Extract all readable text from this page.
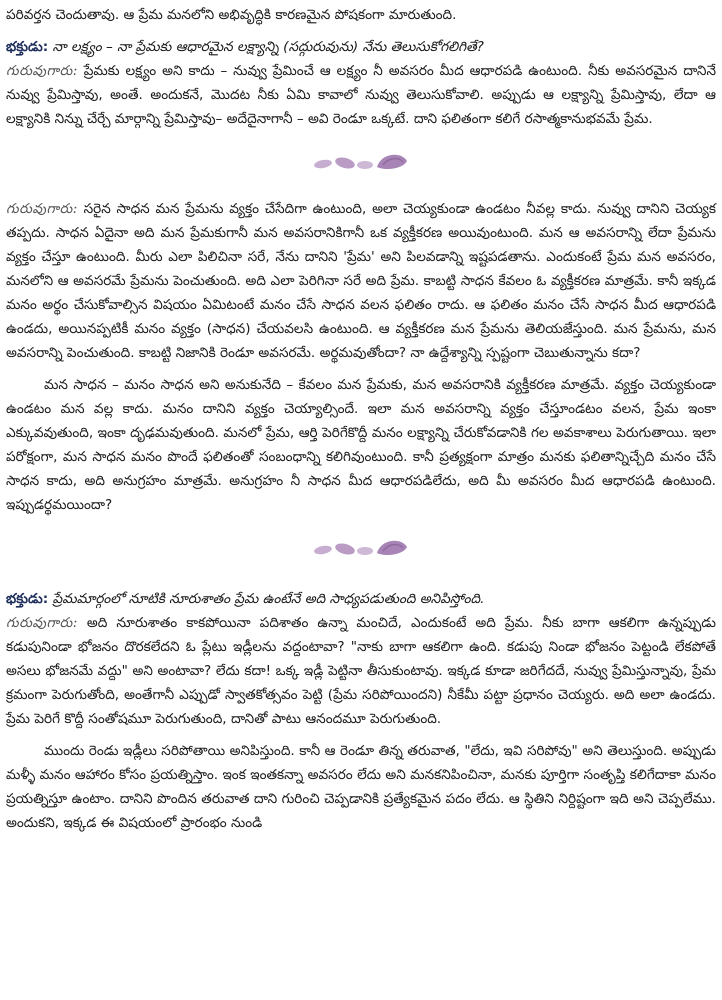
పరివర్తన చెందుతావు. ఆ ప్రేమ మనలోని అభివృద్ధికి కారణమైన పోషకంగా మారుతుంది.

భక్తుడు: నా లక్ష్యం – నా ప్రేమకు ఆధారమైన లక్ష్యాన్ని (సద్గురువును) నేను తెలుసుకోగలిగితే?

గురువుగారు: ప్రేమకు లక్ష్యం అని కాదు – నువ్వు ప్రేమించే ఆ లక్ష్యం నీ అవసరం మీద ఆధారపడి ఉంటుంది. నీకు అవసరమైన దానినే నువ్వు ప్రేమిస్తావు, అంతే. అందుకనే, మొదట నీకు ఏమి కావాలో నువ్వు తెలుసుకోవాలి. అప్పుడు ఆ లక్ష్యాన్ని ప్రేమిస్తావు, లేదా ఆ లక్ష్యానికి నిన్ను చేర్చే మార్గాన్ని ప్రేమిస్తావు– అదేదైనాగానీ – అవి రెండూ ఒక్కటే. దాని ఫలితంగా కలిగే రసాత్మకానుభవమే ప్రేమ.

గురువుగారు: సరైన సాధన మన ప్రేమను వ్యక్తం చేసేదిగా ఉంటుంది, అలా చెయ్యకుండా ఉండటం నీవల్ల కాదు. నువ్వు దానిని చెయ్యక తప్పదు. సాధన ఏదైనా అది మన ప్రేమకుగానీ మన అవసరానికిగానీ ఒక వ్యక్తీకరణ అయివుంటుంది. మన ఆ అవసరాన్ని లేదా ప్రేమను వ్యక్తం చేస్తూ ఉంటుంది. మీరు ఎలా పిలిచినా సరే, నేను దానిని 'ప్రేమ' అని పిలవడాన్ని ఇష్టపడతాను. ఎందుకంటే ప్రేమ మన అవసరం, మనలోని ఆ అవసరమే ప్రేమను పెంచుతుంది. అది ఎలా పెరిగినా సరే అది ప్రేమ. కాబట్టి సాధన కేవలం ఓ వ్యక్తీకరణ మాత్రమే. కానీ ఇక్కడ మనం అర్థం చేసుకోవాల్సిన విషయం ఏమిటంటే మనం చేసే సాధన వలన ఫలితం రాదు. ఆ ఫలితం మనం చేసే సాధన మీద ఆధారపడి ఉండదు, అయినప్పటికీ మనం వ్యక్తం (సాధన) చేయవలసి ఉంటుంది. ఆ వ్యక్తీకరణ మన ప్రేమను తెలియజేస్తుంది. మన ప్రేమను, మన అవసరాన్ని పెంచుతుంది. కాబట్టి నిజానికి రెండూ అవసరమే. అర్థమవుతోందా? నా ఉద్దేశ్యాన్ని స్పష్టంగా చెబుతున్నాను కదా?

మన సాధన – మనం సాధన అని అనుకునేది – కేవలం మన ప్రేమకు, మన అవసరానికి వ్యక్తీకరణ మాత్రమే. వ్యక్తం చెయ్యకుండా ఉండటం మన వల్ల కాదు. మనం దానిని వ్యక్తం చెయ్యాల్సిందే. ఇలా మన అవసరాన్ని వ్యక్తం చేస్తూండటం వలన, ప్రేమ ఇంకా ఎక్కువవుతుంది, ఇంకా దృఢమవుతుంది. మనలో ప్రేమ, ఆర్తి పెరిగేకొద్దీ మనం లక్ష్యాన్ని చేరుకోవడానికి గల అవకాశాలు పెరుగుతాయి. ఇలా పరోక్షంగా, మన సాధన మనం పొందే ఫలితంతో సంబంధాన్ని కలిగివుంటుంది. కానీ ప్రత్యక్షంగా మాత్రం మనకు ఫలితాన్నిచ్చేది మనం చేసే సాధన కాదు, అది అనుగ్రహం మాత్రమే. అనుగ్రహం నీ సాధన మీద ఆధారపడిలేదు, అది మీ అవసరం మీద ఆధారపడి ఉంటుంది. ఇప్పుడర్థమయిందా?

భక్తుడు: ప్రేమమార్గంలో నూటికి నూరుశాతం ప్రేమ ఉంటేనే అది సాధ్యపడుతుంది అనిపిస్తోంది.

గురువుగారు: అది నూరుశాతం కాకపోయినా పదిశాతం ఉన్నా మంచిదే, ఎందుకంటే అది ప్రేమ. నీకు బాగా ఆకలిగా ఉన్నప్పుడు కడుపునిండా భోజనం దొరకలేదని ఓ ప్లేటు ఇడ్లీలను వద్దంటావా? "నాకు బాగా ఆకలిగా ఉంది. కడుపు నిండా భోజనం పెట్టండి లేకపోతే అసలు భోజనమే వద్దు" అని అంటావా? లేదు కదా! ఒక్క ఇడ్లీ పెట్టినా తీసుకుంటావు. ఇక్కడ కూడా జరిగేదదే, నువ్వు ప్రేమిస్తున్నావు, ప్రేమ క్రమంగా పెరుగుతోంది, అంతేగానీ ఎప్పుడో స్వాతకోత్సవం పెట్టి (ప్రేమ సరిపోయిందని) నీకేమీ పట్టా ప్రధానం చెయ్యరు. అది అలా ఉండదు. ప్రేమ పెరిగే కొద్దీ సంతోషమూ పెరుగుతుంది, దానితో పాటు ఆనందమూ పెరుగుతుంది.

ముందు రెండు ఇడ్లీలు సరిపోతాయి అనిపిస్తుంది. కానీ ఆ రెండూ తిన్న తరువాత, "లేదు, ఇవి సరిపోవు" అని తెలుస్తుంది. అప్పుడు మళ్ళీ మనం ఆహారం కోసం ప్రయత్నిస్తాం. ఇంక ఇంతకన్నా అవసరం లేదు అని మనకనిపించినా, మనకు పూర్తిగా సంతృప్తి కలిగేదాకా మనం ప్రయత్నిస్తూ ఉంటాం. దానిని పొందిన తరువాత దాని గురించి చెప్పడానికి ప్రత్యేకమైన పదం లేదు. ఆ స్థితిని నిర్దిష్టంగా ఇది అని చెప్పలేము. అందుకని, ఇక్కడ ఈ విషయంలో ప్రారంభం నుండి
